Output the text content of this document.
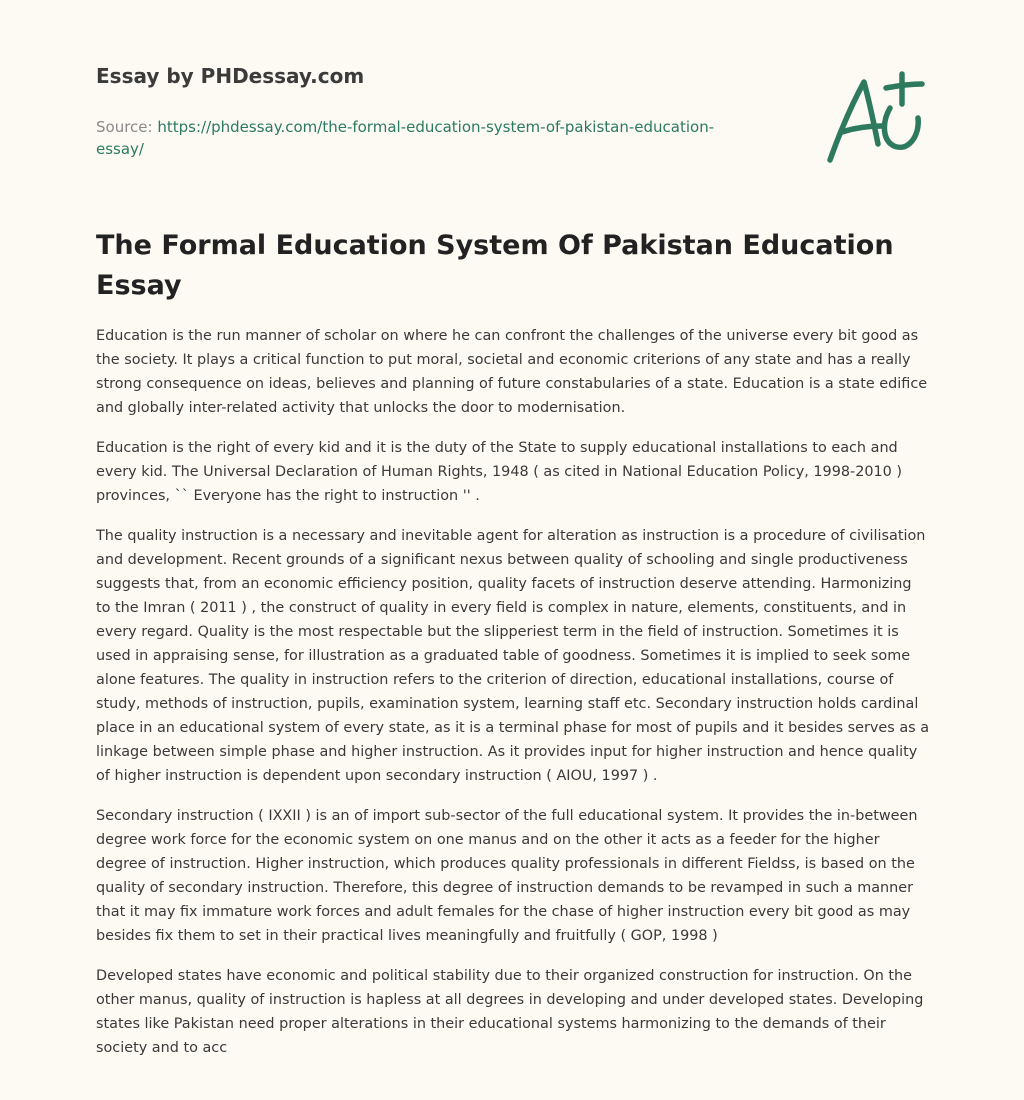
Essay by PHDessay.com
Source: https://phdessay.com/the-formal-education-system-of-pakistan-education-essay/
The Formal Education System Of Pakistan Education Essay

Education is the run manner of scholar on where he can confront the challenges of the universe every bit good as the society. It plays a critical function to put moral, societal and economic criterions of any state and has a really strong consequence on ideas, believes and planning of future constabularies of a state. Education is a state edifice and globally inter-related activity that unlocks the door to modernisation.

Education is the right of every kid and it is the duty of the State to supply educational installations to each and every kid. The Universal Declaration of Human Rights, 1948 ( as cited in National Education Policy, 1998-2010 ) provinces, `` Everyone has the right to instruction '' .

The quality instruction is a necessary and inevitable agent for alteration as instruction is a procedure of civilisation and development. Recent grounds of a significant nexus between quality of schooling and single productiveness suggests that, from an economic efficiency position, quality facets of instruction deserve attending. Harmonizing to the Imran ( 2011 ) , the construct of quality in every field is complex in nature, elements, constituents, and in every regard. Quality is the most respectable but the slipperiest term in the field of instruction. Sometimes it is used in appraising sense, for illustration as a graduated table of goodness. Sometimes it is implied to seek some alone features. The quality in instruction refers to the criterion of direction, educational installations, course of study, methods of instruction, pupils, examination system, learning staff etc. Secondary instruction holds cardinal place in an educational system of every state, as it is a terminal phase for most of pupils and it besides serves as a linkage between simple phase and higher instruction. As it provides input for higher instruction and hence quality of higher instruction is dependent upon secondary instruction ( AIOU, 1997 ) .

Secondary instruction ( IXXII ) is an of import sub-sector of the full educational system. It provides the in-between degree work force for the economic system on one manus and on the other it acts as a feeder for the higher degree of instruction. Higher instruction, which produces quality professionals in different Fieldss, is based on the quality of secondary instruction. Therefore, this degree of instruction demands to be revamped in such a manner that it may fix immature work forces and adult females for the chase of higher instruction every bit good as may besides fix them to set in their practical lives meaningfully and fruitfully ( GOP, 1998 )

Developed states have economic and political stability due to their organized construction for instruction. On the other manus, quality of instruction is hapless at all degrees in developing and under developed states. Developing states like Pakistan need proper alterations in their educational systems harmonizing to the demands of their society and to acc
